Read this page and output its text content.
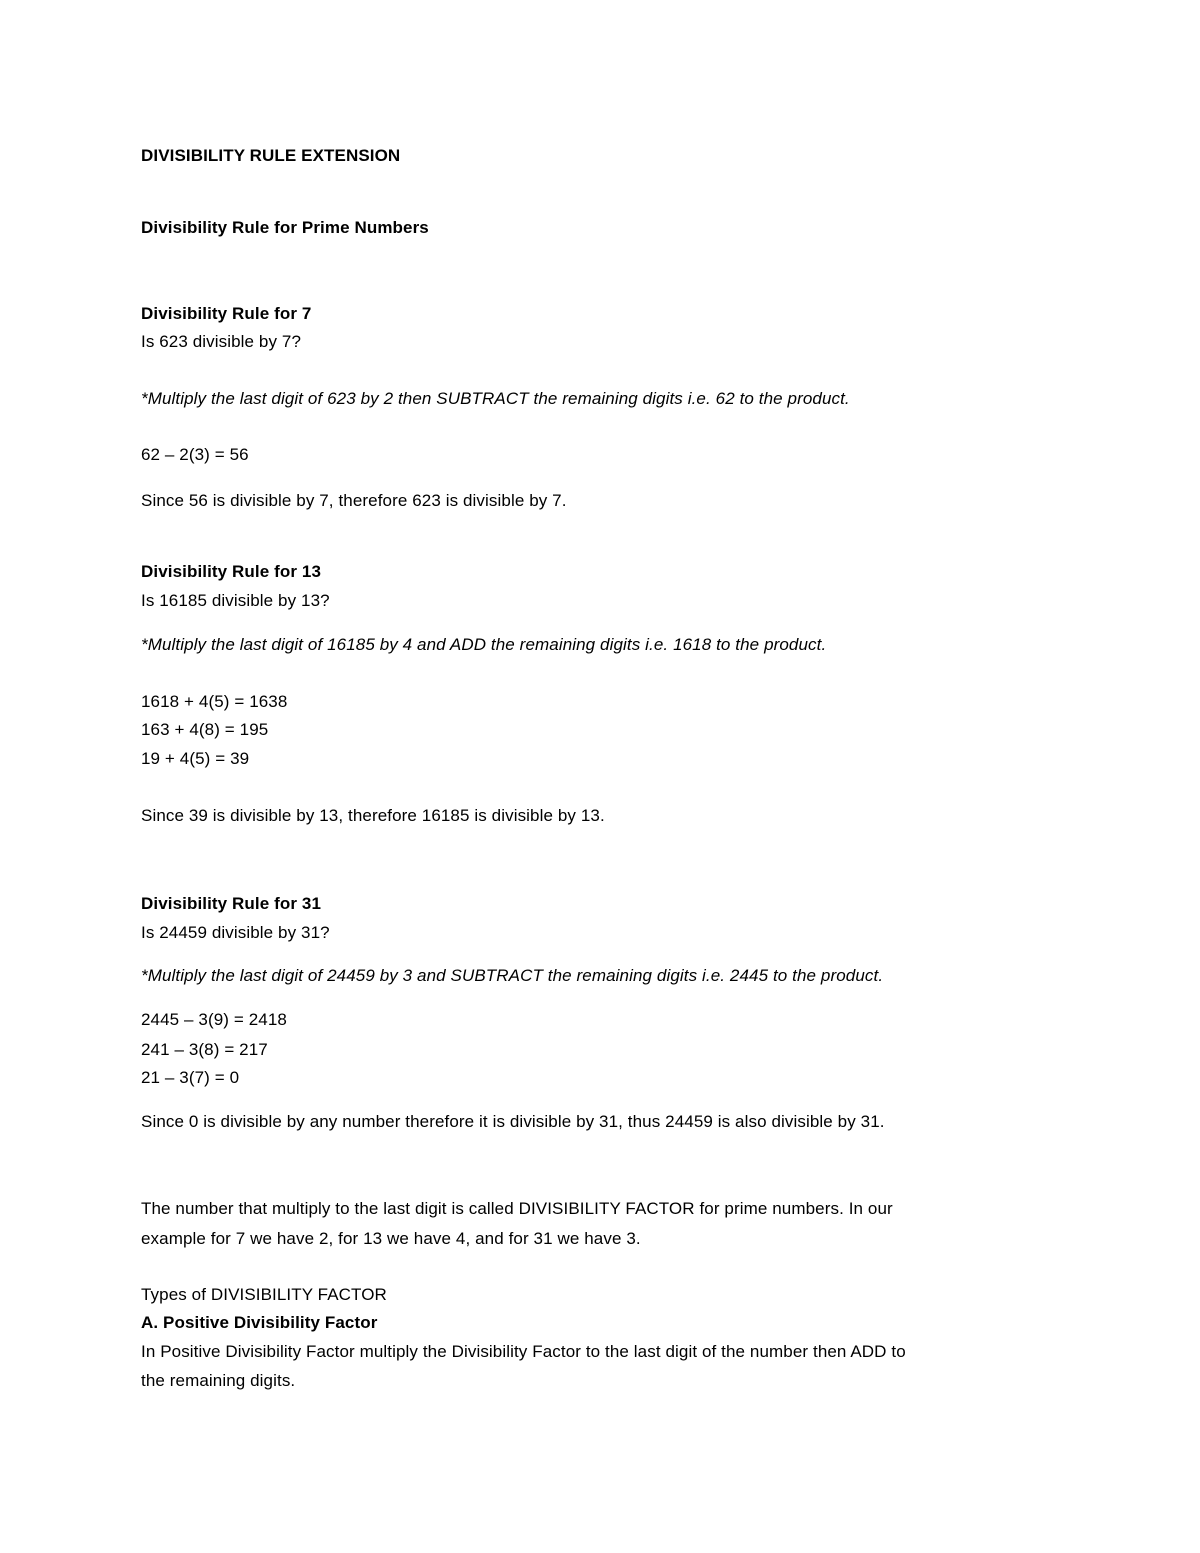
DIVISIBILITY RULE EXTENSION
Divisibility Rule for Prime Numbers
Divisibility Rule for 7
Is 623 divisible by 7?
*Multiply the last digit of 623 by 2 then SUBTRACT the remaining digits i.e. 62 to the product.
62 – 2(3) = 56
Since 56 is divisible by 7, therefore 623 is divisible by 7.
Divisibility Rule for 13
Is 16185 divisible by 13?
*Multiply the last digit of 16185 by 4 and ADD the remaining digits i.e. 1618 to the product.
1618 + 4(5) = 1638
163 + 4(8) = 195
19 + 4(5) = 39
Since 39 is divisible by 13, therefore 16185 is divisible by 13.
Divisibility Rule for 31
Is 24459 divisible by 31?
*Multiply the last digit of 24459 by 3 and SUBTRACT the remaining digits i.e. 2445 to the product.
2445 – 3(9) = 2418
241 – 3(8) = 217
21 – 3(7) = 0
Since 0 is divisible by any number therefore it is divisible by 31, thus 24459 is also divisible by 31.
The number that multiply to the last digit is called DIVISIBILITY FACTOR for prime numbers. In our
example for 7 we have 2, for 13 we have 4, and for 31 we have 3.
Types of DIVISIBILITY FACTOR
A. Positive Divisibility Factor
In Positive Divisibility Factor multiply the Divisibility Factor to the last digit of the number then ADD to
the remaining digits.
